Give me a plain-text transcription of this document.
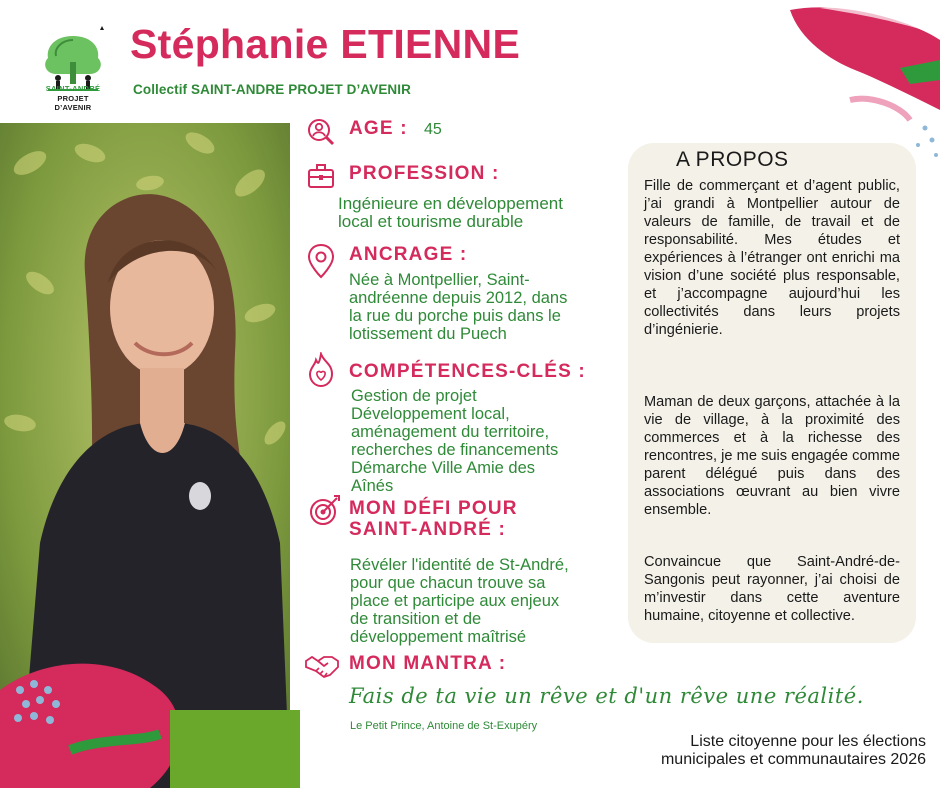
SAINT-ANDRÉ
PROJET D’AVENIR
Stéphanie ETIENNE
Collectif SAINT-ANDRE PROJET D’AVENIR
AGE : 45
PROFESSION :
Ingénieure en développement
local et tourisme durable
ANCRAGE :
Née à Montpellier, Saint-
andréenne depuis 2012, dans
la rue du porche puis dans le
lotissement du Puech
COMPÉTENCES-CLÉS :
Gestion de projet
Développement local,
aménagement du territoire,
recherches de financements
Démarche Ville Amie des
Aînés
MON DÉFI POUR
SAINT-ANDRÉ :
Révéler l'identité de St-André,
pour que chacun trouve sa
place et participe aux enjeux
de transition et de
développement maîtrisé
MON MANTRA :
Fais de ta vie un rêve et d'un rêve une réalité.
Le Petit Prince, Antoine de St-Exupéry
A PROPOS

Fille de commerçant et d’agent public, j’ai grandi à Montpellier autour de valeurs de famille, de travail et de responsabilité. Mes études et expériences à l’étranger ont enrichi ma vision d’une société plus responsable, et j’accompagne aujourd’hui les collectivités dans leurs projets d’ingénierie.

Maman de deux garçons, attachée à la vie de village, à la proximité des commerces et à la richesse des rencontres, je me suis engagée comme parent délégué puis dans des associations œuvrant au bien vivre ensemble.

Convaincue que Saint-André-de-Sangonis peut rayonner, j’ai choisi de m’investir dans cette aventure humaine, citoyenne et collective.

Liste citoyenne pour les élections
municipales et communautaires 2026
